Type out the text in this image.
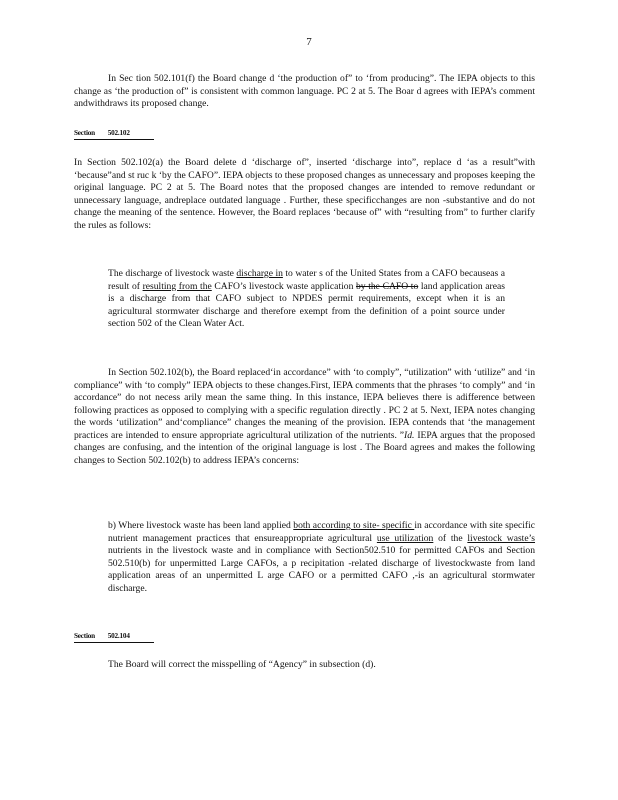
7

In Sec tion 502.101(f) the Board change d ‘the production of” to ‘from producing”. The IEPA objects to this change as ‘the production of” is consistent with common language. PC 2 at 5. The Boar d agrees with IEPA’s comment andwithdraws its proposed change.

Section 502.102

In Section 502.102(a) the Board delete d ‘discharge of”, inserted ‘discharge into”, replace d ‘as a result”with ‘because”and st ruc k ‘by the CAFO”. IEPA objects to these proposed changes as unnecessary and proposes keeping the original language. PC 2 at 5. The Board notes that the proposed changes are intended to remove redundant or unnecessary language, andreplace outdated language . Further, these specificchanges are non -substantive and do not change the meaning of the sentence. However, the Board replaces ‘because of” with “resulting from” to further clarify the rules as follows:

The discharge of livestock waste discharge in to water s of the United States from a CAFO becauseas a result of resulting from the CAFO’s livestock waste application by the CAFO to land application areas is a discharge from that CAFO subject to NPDES permit requirements, except when it is an agricultural stormwater discharge and therefore exempt from the definition of a point source under section 502 of the Clean Water Act.

In Section 502.102(b), the Board replaced‘in accordance” with ‘to comply”, “utilization” with ‘utilize” and ‘in compliance” with ‘to comply” IEPA objects to these changes.First, IEPA comments that the phrases ‘to comply” and ‘in accordance” do not necess arily mean the same thing. In this instance, IEPA believes there is adifference between following practices as opposed to complying with a specific regulation directly . PC 2 at 5. Next, IEPA notes changing the words ‘utilization” and‘compliance” changes the meaning of the provision. IEPA contends that ‘the management practices are intended to ensure appropriate agricultural utilization of the nutrients. ”Id. IEPA argues that the proposed changes are confusing, and the intention of the original language is lost . The Board agrees and makes the following changes to Section 502.102(b) to address IEPA’s concerns:

b) Where livestock waste has been land applied both according to site- specific in accordance with site specific nutrient management practices that ensureappropriate agricultural use utilization of the livestock waste’s nutrients in the livestock waste and in compliance with Section502.510 for permitted CAFOs and Section 502.510(b) for unpermitted Large CAFOs, a p recipitation -related discharge of livestockwaste from land application areas of an unpermitted L arge CAFO or a permitted CAFO ,-is an agricultural stormwater discharge.

Section 502.104

The Board will correct the misspelling of “Agency” in subsection (d).
